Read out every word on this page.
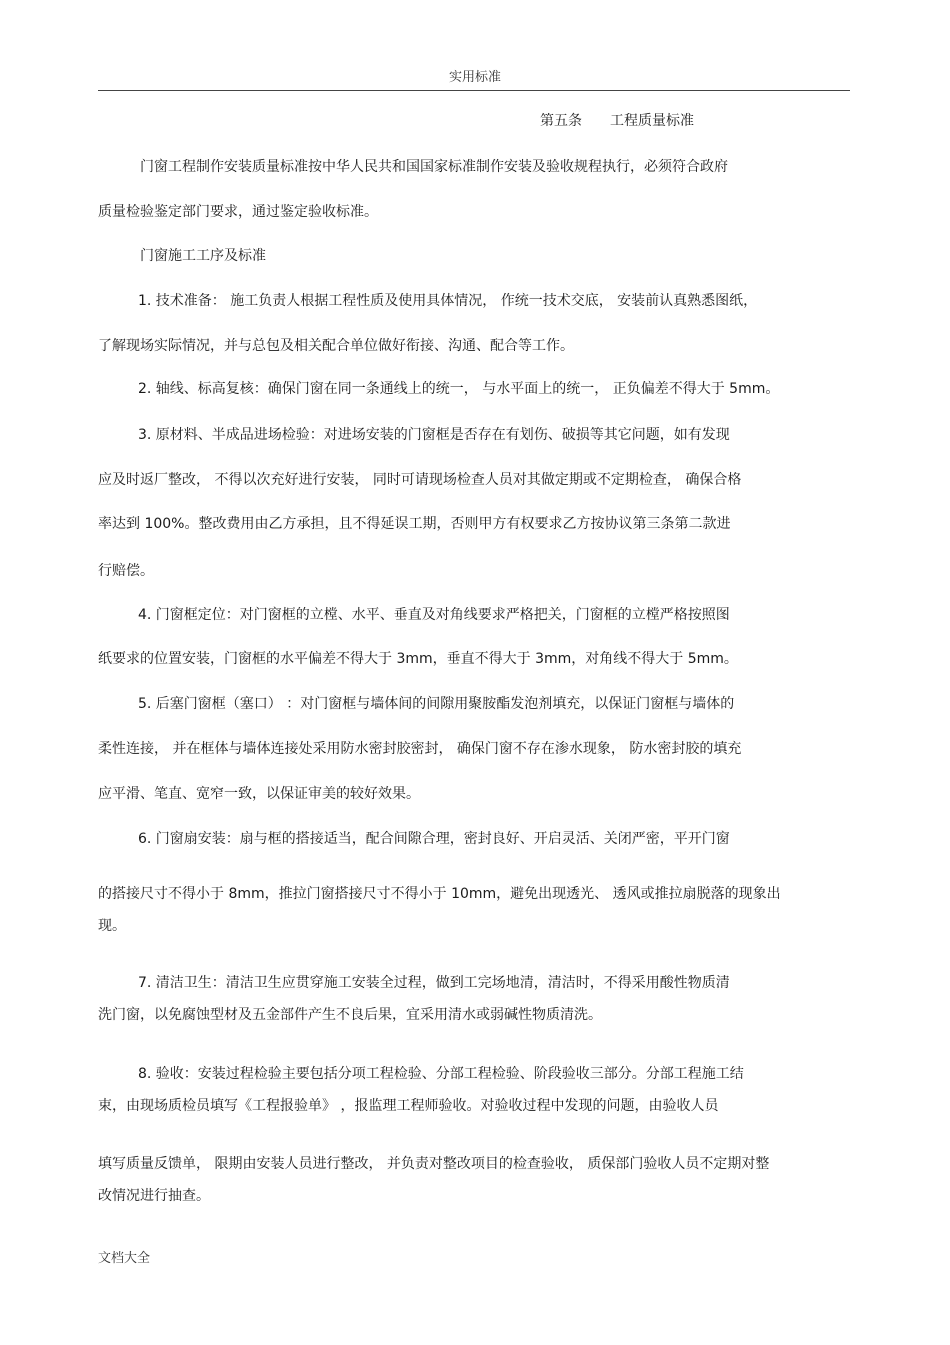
实用标准
第五条　　工程质量标准
门窗工程制作安装质量标准按中华人民共和国国家标准制作安装及验收规程执行，必须符合政府
质量检验鉴定部门要求，通过鉴定验收标准。
门窗施工工序及标准
1. 技术准备： 施工负责人根据工程性质及使用具体情况， 作统一技术交底， 安装前认真熟悉图纸，
了解现场实际情况，并与总包及相关配合单位做好衔接、沟通、配合等工作。
2. 轴线、标高复核：确保门窗在同一条通线上的统一， 与水平面上的统一， 正负偏差不得大于 5mm。
3. 原材料、半成品进场检验：对进场安装的门窗框是否存在有划伤、破损等其它问题，如有发现
应及时返厂整改， 不得以次充好进行安装， 同时可请现场检查人员对其做定期或不定期检查， 确保合格
率达到 100%。整改费用由乙方承担，且不得延误工期，否则甲方有权要求乙方按协议第三条第二款进
行赔偿。
4. 门窗框定位：对门窗框的立樘、水平、垂直及对角线要求严格把关，门窗框的立樘严格按照图
纸要求的位置安装，门窗框的水平偏差不得大于 3mm，垂直不得大于 3mm，对角线不得大于 5mm。
5. 后塞门窗框（塞口） ：对门窗框与墙体间的间隙用聚胺酯发泡剂填充，以保证门窗框与墙体的
柔性连接， 并在框体与墙体连接处采用防水密封胶密封， 确保门窗不存在渗水现象， 防水密封胶的填充
应平滑、笔直、宽窄一致，以保证审美的较好效果。
6. 门窗扇安装：扇与框的搭接适当，配合间隙合理，密封良好、开启灵活、关闭严密，平开门窗
的搭接尺寸不得小于 8mm，推拉门窗搭接尺寸不得小于 10mm，避免出现透光、 透风或推拉扇脱落的现象出
现。
7. 清洁卫生：清洁卫生应贯穿施工安装全过程，做到工完场地清，清洁时，不得采用酸性物质清
洗门窗，以免腐蚀型材及五金部件产生不良后果，宜采用清水或弱碱性物质清洗。
8. 验收：安装过程检验主要包括分项工程检验、分部工程检验、阶段验收三部分。分部工程施工结
束，由现场质检员填写《工程报验单》 ，报监理工程师验收。对验收过程中发现的问题，由验收人员
填写质量反馈单， 限期由安装人员进行整改， 并负责对整改项目的检查验收， 质保部门验收人员不定期对整
改情况进行抽查。
文档大全
